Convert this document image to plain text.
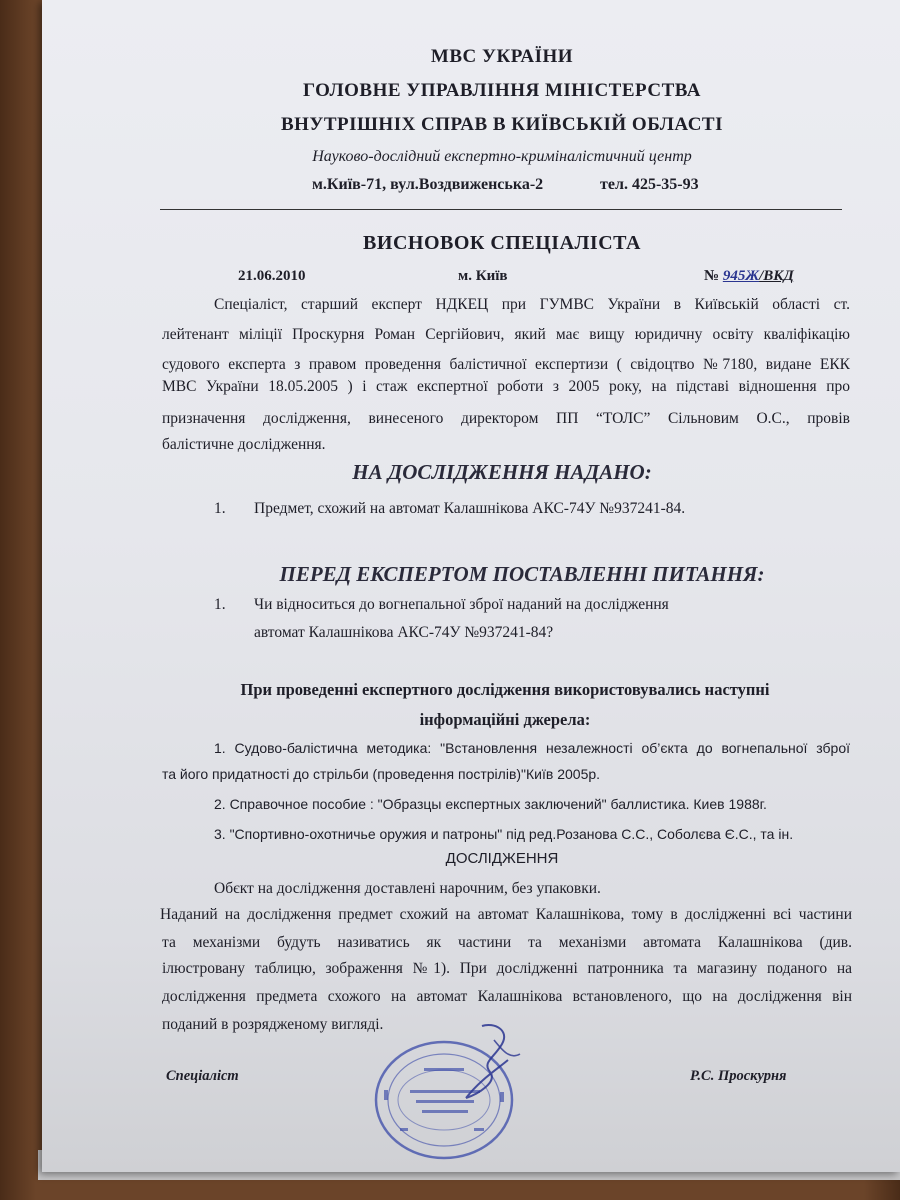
МВС УКРАЇНИ
ГОЛОВНЕ УПРАВЛІННЯ МІНІСТЕРСТВА
ВНУТРІШНІХ СПРАВ В КИЇВСЬКІЙ ОБЛАСТІ
Науково-дослідний експертно-криміналістичний центр
м.Київ-71, вул.Воздвиженська-2	тел. 425-35-93
ВИСНОВОК СПЕЦІАЛІСТА
21.06.2010	м. Київ	№ 945Ж/ВКД
Спеціаліст, старший експерт НДКЕЦ при ГУМВС України в Київській області ст.
лейтенант міліції Проскурня Роман Сергійович, який має вищу юридичну освіту кваліфікацію
судового експерта з правом проведення балістичної експертизи ( свідоцтво №7180, видане ЕКК
МВС України 18.05.2005 ) і стаж експертної роботи з 2005 року, на підставі відношення про
призначення дослідження, винесеного директором ПП “ТОЛС” Сільновим О.С., провів
балістичне дослідження.
НА ДОСЛІДЖЕННЯ НАДАНО:
1. Предмет, схожий на автомат Калашнікова АКС-74У №937241-84.
ПЕРЕД ЕКСПЕРТОМ ПОСТАВЛЕННІ ПИТАННЯ:
1. Чи відноситься до вогнепальної зброї наданий на дослідження
автомат Калашнікова АКС-74У №937241-84?
При проведенні експертного дослідження використовувались наступні
інформаційні джерела:
1. Судово-балістична методика: "Встановлення незалежності об’єкта до вогнепальної зброї
та його придатності до стрільби (проведення пострілів)"Київ 2005р.
2. Справочное пособие : "Образцы експертных заключений" баллистика. Киев 1988г.
3. "Спортивно-охотничье оружия и патроны" під ред.Розанова С.С., Соболєва Є.С., та ін.
ДОСЛІДЖЕННЯ
Обєкт на дослідження доставлені нарочним, без упаковки.
Наданий на дослідження предмет схожий на автомат Калашнікова, тому в дослідженні всі частини
та механізми будуть називатись як частини та механізми автомата Калашнікова (див.
ілюстровану таблицю, зображення №1). При дослідженні патронника та магазину поданого на
дослідження предмета схожого на автомат Калашнікова встановленого, що на дослідження він
поданий в розрядженому вигляді.
Спеціаліст	Р.С. Проскурня
